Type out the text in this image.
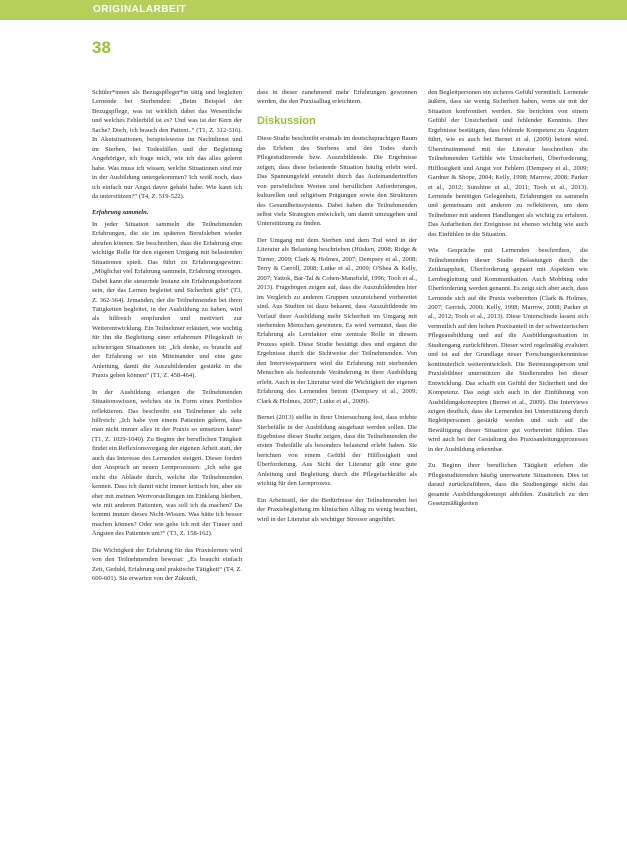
ORIGINALARBEIT
38

Schüler*innen als Bezugspfleger*in tätig und begleiten Lernende bei Sterbenden: „Beim Beispiel der Bezugspflege, was ist wirklich dabei das Wesentliche und welches Fehlerbild ist es? Und was ist der Kern der Sache? Doch, ich brauch den Patient..“ (T1, Z. 312-316). In Akutsituationen, beispielsweise im Nachtdienst und im Sterben, bei Todesfällen und der Begleitung Angehöriger, ich frage mich, wie ich das alles gelernt habe. Was muss ich wissen, welche Situationen sind mir in der Ausbildung untergekommen? Ich weiß noch, dass ich einfach nur Angst davor gehabt habe. Wie kann ich da unterstützen?“ (T4, Z. 519-522).

Erfahrung sammeln.

In jeder Situation sammeln die Teilnehmenden Erfahrungen, die sie im späteren Berufsleben wieder abrufen können. Sie beschreiben, dass die Erfahrung eine wichtige Rolle für den eigenen Umgang mit belastenden Situationen spielt. Das führt zu Erfahrungsgewinn: „Möglichst viel Erfahrung sammeln, Erfahrung erzeugen. Dabei kann die steuernde Instanz ein Erfahrungshorizont sein, der das Lernen begleitet und Sicherheit gibt“ (T3, Z. 362-364). Jemanden, der die Teilnehmenden bei ihren Tätigkeiten begleitet, in der Ausbildung zu haben, wird als hilfreich empfunden und motiviert zur Weiterentwicklung. Ein Teilnehmer erläutert, wie wichtig für ihn die Begleitung einer erfahrenen Pflegekraft in schwierigen Situationen ist: „Ich denke, es braucht auf der Erfahrung so ein Miteinander und eine gute Anleitung, damit die Auszubildenden gestärkt in die Praxis gehen können“ (T1, Z. 458-464).

In der Ausbildung erlangen die Teilnehmenden Situationswissen, welches sie in Form eines Portfolios reflektieren. Das beschreibt ein Teilnehmer als sehr hilfreich: „Ich habe von einem Patienten gelernt, dass man nicht immer alles in der Praxis so umsetzen kann“ (T1, Z. 1029-1040). Zu Beginn der beruflichen Tätigkeit findet ein Reflexionsvorgang der eigenen Arbeit statt, der auch das Interesse des Lernenden steigert. Dieser fordert den Anspruch an neuen Lernprozessen: „Ich sehe gar nicht die Abläufe durch, welche die Teilnehmenden kennen. Dass ich damit nicht immer kritisch bin, aber sie eher mit meinen Wertvorstellungen im Einklang bleiben, wie mit anderen Patienten, was soll ich da machen? Da kommt immer dieses Nicht-Wissen. Was hätte ich besser machen können? Oder wie gehe ich mit der Trauer und Ängsten des Patienten um?“ (T3, Z. 158-162).

Die Wichtigkeit der Erfahrung für das Praxislernen wird von den Teilnehmenden bewusst: „Es braucht einfach Zeit, Geduld, Erfahrung und praktische Tätigkeit“ (T4, Z. 600-601). Sie erwarten von der Zukunft,

dass in dieser zunehmend mehr Erfahrungen gewonnen werden, die den Praxisalltag erleichtern.

Diskussion

Diese Studie beschreibt erstmals im deutschsprachigen Raum das Erleben des Sterbens und des Todes durch Pflegestudierende bzw. Auszubildende. Die Ergebnisse zeigen, dass diese belastende Situation häufig erlebt wird. Das Spannungsfeld entsteht durch das Aufeinandertreffen von persönlichen Werten und beruflichen Anforderungen, kulturellen und religiösen Prägungen sowie den Strukturen des Gesundheitssystems. Dabei haben die Teilnehmenden selbst viele Strategien entwickelt, um damit umzugehen und Unterstützung zu finden.

Der Umgang mit dem Sterben und dem Tod wird in der Literatur als Belastung beschrieben (Hüsken, 2008; Ridge & Turner, 2009; Clark & Holmes, 2007; Dempsey et al., 2008; Terry & Carroll, 2008; Lutke et al., 2009; O'Shea & Kelly, 2007; Yattok, Bar-Tal & Cohen-Mansfield, 1996; Tooh et al., 2013). Fragebögen zeigen auf, dass die Auszubildenden hier im Vergleich zu anderen Gruppen unzureichend vorbereitet sind. Aus Studien ist dazu bekannt, dass Auszubildende im Verlauf ihrer Ausbildung mehr Sicherheit im Umgang mit sterbenden Menschen gewinnen. Es wird vermutet, dass die Erfahrung als Lernfaktor eine zentrale Rolle in diesem Prozess spielt. Diese Studie bestätigt dies und ergänzt die Ergebnisse durch die Sichtweise der Teilnehmenden. Von den Interviewpartnern wird die Erfahrung mit sterbenden Menschen als bedeutende Veränderung in ihrer Ausbildung erlebt. Auch in der Literatur wird die Wichtigkeit der eigenen Erfahrung des Lernenden betont (Dempsey et al., 2009; Clark & Holmes, 2007; Lutke et al., 2009).

Bernet (2013) stellte in ihrer Untersuchung fest, dass erlebte Sterbefälle in der Ausbildung ausgebaut werden sollen. Die Ergebnisse dieser Studie zeigen, dass die Teilnehmenden die ersten Todesfälle als besonders belastend erlebt haben. Sie berichten von einem Gefühl der Hilflosigkeit und Überforderung. Aus Sicht der Literatur gilt eine gute Anleitung und Begleitung durch die Pflegefachkräfte als wichtig für den Lernprozess.

Ein Arbeitsstil, der die Bedürfnisse der Teilnehmenden bei der Praxisbegleitung im klinischen Alltag zu wenig beachtet, wird in der Literatur als wichtiger Stressor angeführt.

den Begleitpersonen ein sicheres Gefühl vermittelt. Lernende äußern, dass sie wenig Sicherheit haben, wenn sie mit der Situation konfrontiert werden. Sie berichten von einem Gefühl der Unsicherheit und fehlender Kenntnis. Ihre Ergebnisse bestätigen, dass fehlende Kompetenz zu Ängsten führt, wie es auch bei Bernet et al. (2009) betont wird. Übereinstimmend mit der Literatur beschreiben die Teilnehmenden Gefühle wie Unsicherheit, Überforderung, Hilflosigkeit und Angst vor Fehlern (Dempsey et al., 2009; Gardner & Shope, 2004; Kelly, 1998; Marrow, 2008; Parker et al., 2012; Sunshine et al., 2011; Tooh et al., 2013). Lernende benötigen Gelegenheit, Erfahrungen zu sammeln und gemeinsam mit anderen zu reflektieren, um dem Teilnehmer mit anderen Handlungen als wichtig zu erfahren. Das Aufarbeiten der Ereignisse ist ebenso wichtig wie auch das Einfühlen in die Situation.

Wie Gespräche mit Lernenden beschreiben, die Teilnehmenden dieser Studie Belastungen durch die Zeitknappheit, Überforderung gepaart mit Aspekten wie Lernbegleitung und Kommunikation. Auch Mobbing oder Überforderung werden genannt. Es zeigt sich aber auch, dass Lernende sich auf die Praxis vorbereiten (Clark & Holmes, 2007; Gerrish, 2000; Kelly, 1998; Marrow, 2008; Parker et al., 2012; Tooh et al., 2013). Diese Unterschiede lassen sich vermutlich auf den hohen Praxisanteil in der schweizerischen Pflegeausbildung und auf die Ausbildungssituation in Studiengang zurückführen. Dieser wird regelmäßig evaluiert und ist auf der Grundlage neuer Forschungserkenntnisse kontinuierlich weiterentwickelt. Die Betreuungsperson und Praxisbildner unterstützen die Studierenden bei dieser Entwicklung. Das schafft ein Gefühl der Sicherheit und der Kompetenz. Das zeigt sich auch in der Einführung von Ausbildungskonzepten (Bernet et al., 2009). Die Interviews zeigen deutlich, dass die Lernenden bei Unterstützung durch Begleitpersonen gestärkt werden und sich auf die Bewältigung dieser Situation gut vorbereitet fühlen. Das wird auch bei der Gestaltung des Praxisanleitungsprozesses in der Ausbildung erkennbar.

Zu Beginn ihrer beruflichen Tätigkeit erleben die Pflegestudierenden häufig unerwartete Situationen. Dies ist darauf zurückzuführen, dass die Studiengänge nicht das gesamte Ausbildungskonzept abbilden. Zusätzlich zu den Gesetzmäßigkeiten
